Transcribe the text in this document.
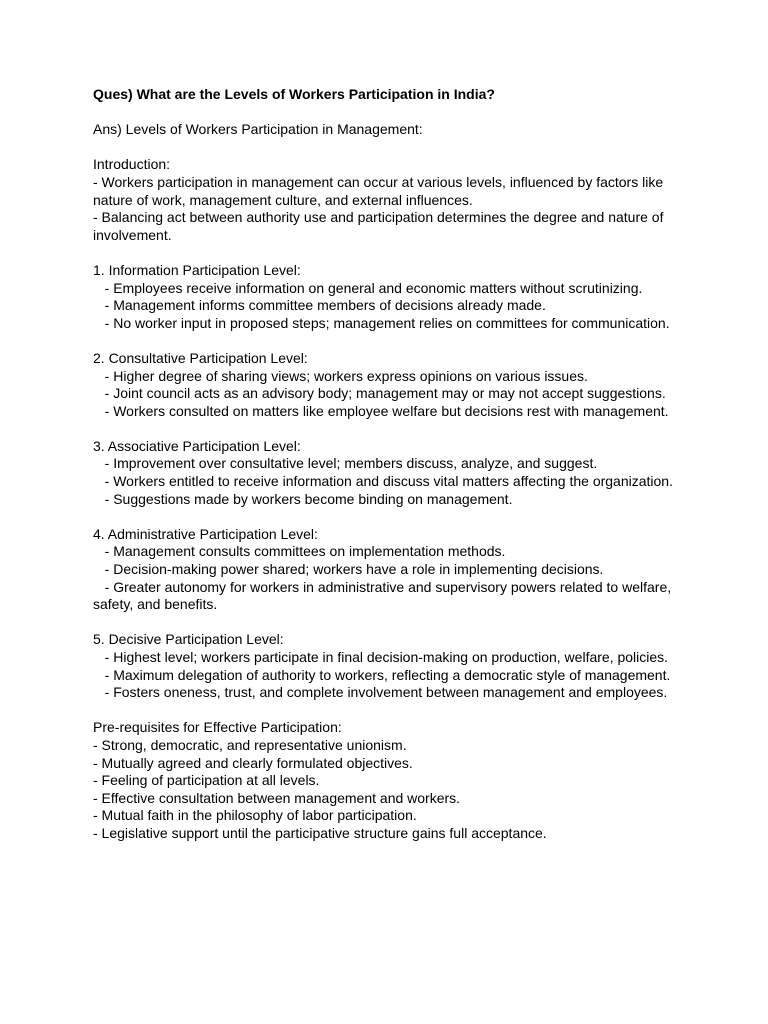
Ques) What are the Levels of Workers Participation in India?

Ans) Levels of Workers Participation in Management:

Introduction:

- Workers participation in management can occur at various levels, influenced by factors like nature of work, management culture, and external influences.

- Balancing act between authority use and participation determines the degree and nature of involvement.

1. Information Participation Level:

- Employees receive information on general and economic matters without scrutinizing.

- Management informs committee members of decisions already made.

- No worker input in proposed steps; management relies on committees for communication.

2. Consultative Participation Level:

- Higher degree of sharing views; workers express opinions on various issues.

- Joint council acts as an advisory body; management may or may not accept suggestions.

- Workers consulted on matters like employee welfare but decisions rest with management.

3. Associative Participation Level:

- Improvement over consultative level; members discuss, analyze, and suggest.

- Workers entitled to receive information and discuss vital matters affecting the organization.

- Suggestions made by workers become binding on management.

4. Administrative Participation Level:

- Management consults committees on implementation methods.

- Decision-making power shared; workers have a role in implementing decisions.

- Greater autonomy for workers in administrative and supervisory powers related to welfare, safety, and benefits.

5. Decisive Participation Level:

- Highest level; workers participate in final decision-making on production, welfare, policies.

- Maximum delegation of authority to workers, reflecting a democratic style of management.

- Fosters oneness, trust, and complete involvement between management and employees.

Pre-requisites for Effective Participation:

- Strong, democratic, and representative unionism.

- Mutually agreed and clearly formulated objectives.

- Feeling of participation at all levels.

- Effective consultation between management and workers.

- Mutual faith in the philosophy of labor participation.

- Legislative support until the participative structure gains full acceptance.
